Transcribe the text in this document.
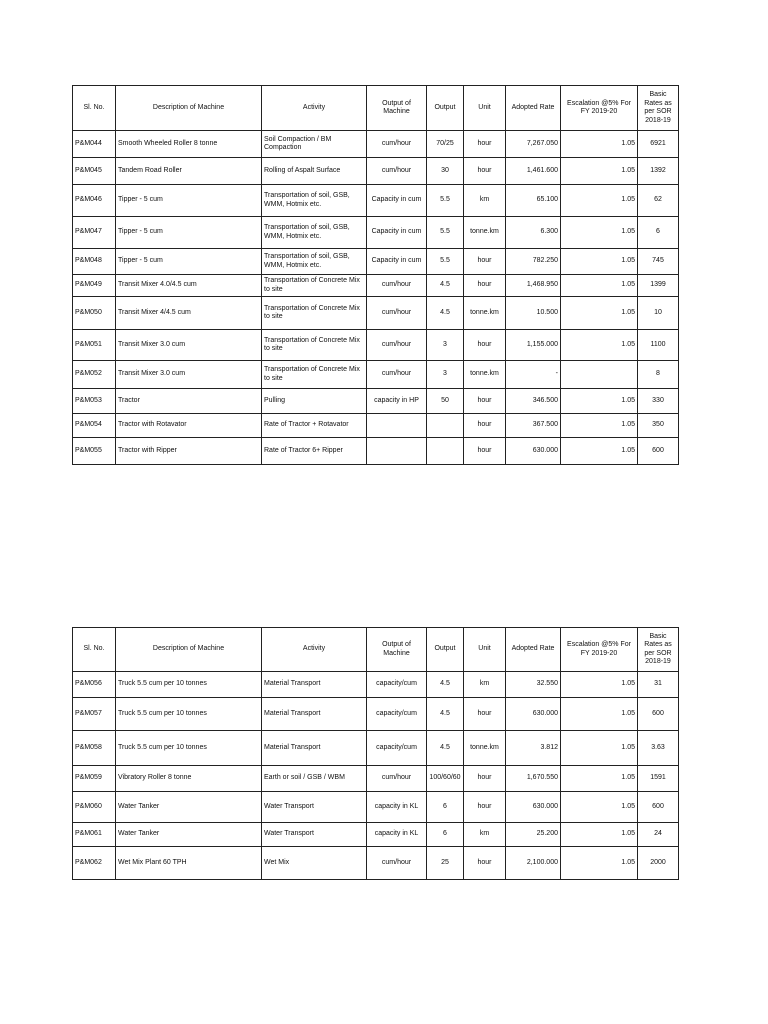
Sl. No.	Description of Machine	Activity	Output of Machine	Output	Unit	Adopted Rate	Escalation @5% For FY 2019-20	Basic Rates as per SOR 2018-19
P&M044	Smooth Wheeled Roller 8 tonne	Soil Compaction / BM Compaction	cum/hour	70/25	hour	7,267.050	1.05	6921
P&M045	Tandem Road Roller	Rolling of Aspalt Surface	cum/hour	30	hour	1,461.600	1.05	1392
P&M046	Tipper - 5 cum	Transportation of soil, GSB, WMM, Hotmix etc.	Capacity in cum	5.5	km	65.100	1.05	62
P&M047	Tipper - 5 cum	Transportation of soil, GSB, WMM, Hotmix etc.	Capacity in cum	5.5	tonne.km	6.300	1.05	6
P&M048	Tipper - 5 cum	Transportation of soil, GSB, WMM, Hotmix etc.	Capacity in cum	5.5	hour	782.250	1.05	745
P&M049	Transit Mixer 4.0/4.5 cum	Transportation of Concrete Mix to site	cum/hour	4.5	hour	1,468.950	1.05	1399
P&M050	Transit Mixer 4/4.5 cum	Transportation of Concrete Mix to site	cum/hour	4.5	tonne.km	10.500	1.05	10
P&M051	Transit Mixer 3.0 cum	Transportation of Concrete Mix to site	cum/hour	3	hour	1,155.000	1.05	1100
P&M052	Transit Mixer 3.0 cum	Transportation of Concrete Mix to site	cum/hour	3	tonne.km	-		8
P&M053	Tractor	Pulling	capacity in HP	50	hour	346.500	1.05	330
P&M054	Tractor with Rotavator	Rate of Tractor + Rotavator			hour	367.500	1.05	350
P&M055	Tractor with Ripper	Rate of Tractor 6+ Ripper			hour	630.000	1.05	600
Sl. No.	Description of Machine	Activity	Output of Machine	Output	Unit	Adopted Rate	Escalation @5% For FY 2019-20	Basic Rates as per SOR 2018-19
P&M056	Truck 5.5 cum per 10 tonnes	Material Transport	capacity/cum	4.5	km	32.550	1.05	31
P&M057	Truck 5.5 cum per 10 tonnes	Material Transport	capacity/cum	4.5	hour	630.000	1.05	600
P&M058	Truck 5.5 cum per 10 tonnes	Material Transport	capacity/cum	4.5	tonne.km	3.812	1.05	3.63
P&M059	Vibratory Roller 8 tonne	Earth or soil / GSB / WBM	cum/hour	100/60/60	hour	1,670.550	1.05	1591
P&M060	Water Tanker	Water Transport	capacity in KL	6	hour	630.000	1.05	600
P&M061	Water Tanker	Water Transport	capacity in KL	6	km	25.200	1.05	24
P&M062	Wet Mix Plant 60 TPH	Wet Mix	cum/hour	25	hour	2,100.000	1.05	2000
